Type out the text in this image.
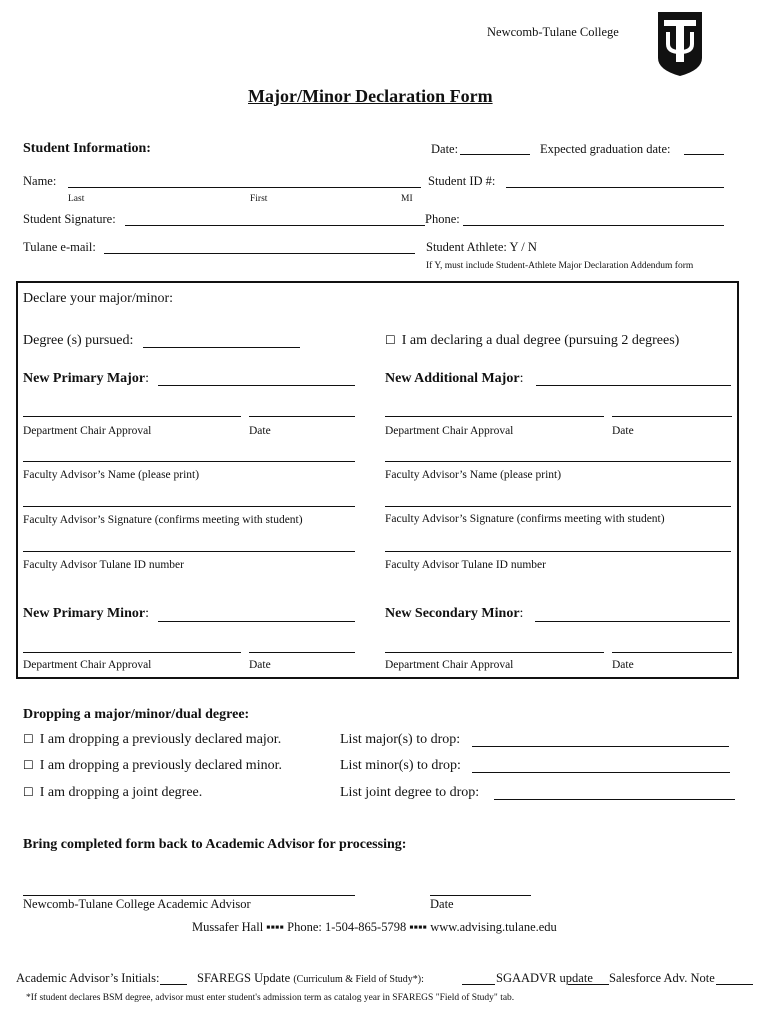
Newcomb-Tulane College
Major/Minor Declaration Form
Student Information:	Date:	Expected graduation date:
Name:	Student ID #:
Last	First	MI
Student Signature:	Phone:
Tulane e-mail:	Student Athlete: Y / N
If Y, must include Student-Athlete Major Declaration Addendum form
Declare your major/minor:
Degree (s) pursued:	☐ I am declaring a dual degree (pursuing 2 degrees)
New Primary Major:	New Additional Major:
Department Chair Approval	Date	Department Chair Approval	Date
Faculty Advisor’s Name (please print)	Faculty Advisor’s Name (please print)
Faculty Advisor’s Signature (confirms meeting with student)	Faculty Advisor’s Signature (confirms meeting with student)
Faculty Advisor Tulane ID number	Faculty Advisor Tulane ID number
New Primary Minor:	New Secondary Minor:
Department Chair Approval	Date	Department Chair Approval	Date
Dropping a major/minor/dual degree:
☐ I am dropping a previously declared major.	List major(s) to drop:
☐ I am dropping a previously declared minor.	List minor(s) to drop:
☐ I am dropping a joint degree.	List joint degree to drop:
Bring completed form back to Academic Advisor for processing:
Newcomb-Tulane College Academic Advisor	Date
Mussafer Hall ▪▪▪▪ Phone: 1-504-865-5798 ▪▪▪▪ www.advising.tulane.edu
Academic Advisor’s Initials:	SFAREGS Update (Curriculum & Field of Study*):	SGAADVR update Salesforce Adv. Note
*If student declares BSM degree, advisor must enter student's admission term as catalog year in SFAREGS "Field of Study" tab.
